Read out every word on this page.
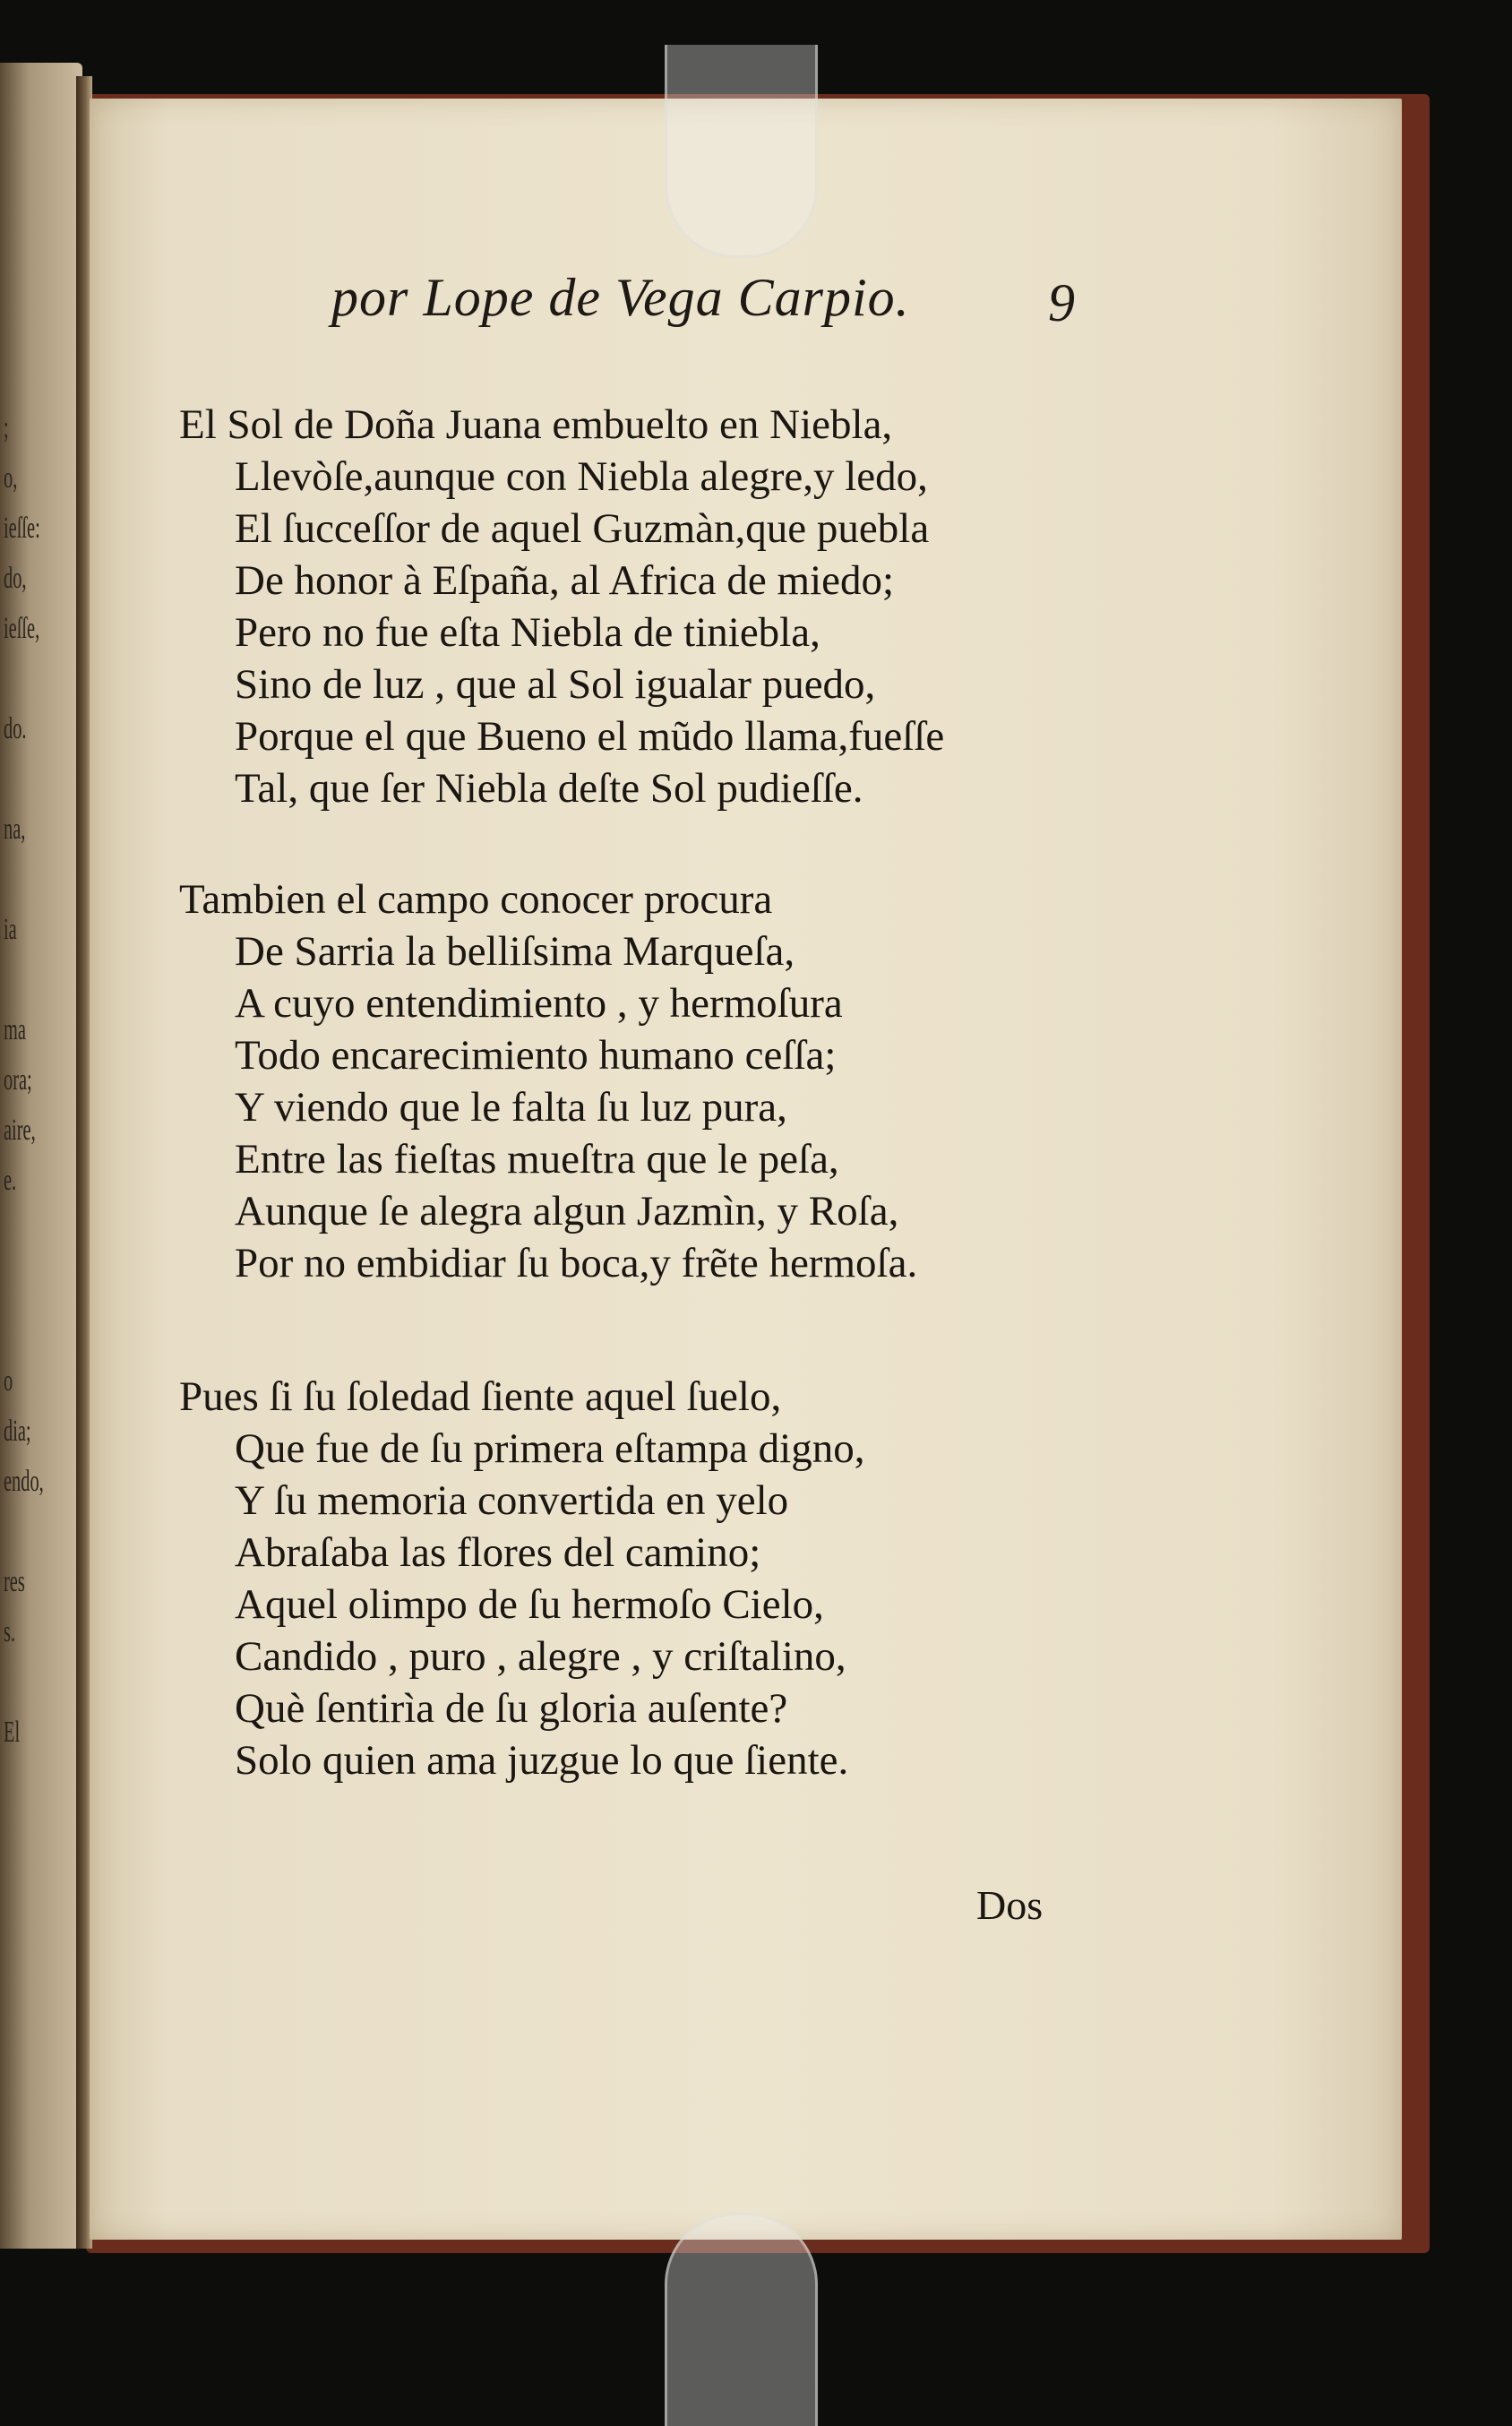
;
o,
ieſſe:
do,
ieſſe,
do.
na,
ia
ma
ora;
aire,
e.
o
dia;
endo,
res
s.
El
por Lope de Vega Carpio.	9
El Sol de Doña Juana embuelto en Niebla,
Llevòſe,aunque con Niebla alegre,y ledo,
El ſucceſſor de aquel Guzmàn,que puebla
De honor à Eſpaña, al Africa de miedo;
Pero no fue eſta Niebla de tiniebla,
Sino de luz , que al Sol igualar puedo,
Porque el que Bueno el mũdo llama,fueſſe
Tal, que ſer Niebla deſte Sol pudieſſe.
Tambien el campo conocer procura
De Sarria la belliſsima Marqueſa,
A cuyo entendimiento , y hermoſura
Todo encarecimiento humano ceſſa;
Y viendo que le falta ſu luz pura,
Entre las fieſtas mueſtra que le peſa,
Aunque ſe alegra algun Jazmìn, y Roſa,
Por no embidiar ſu boca,y frẽte hermoſa.
Pues ſi ſu ſoledad ſiente aquel ſuelo,
Que fue de ſu primera eſtampa digno,
Y ſu memoria convertida en yelo
Abraſaba las flores del camino;
Aquel olimpo de ſu hermoſo Cielo,
Candido , puro , alegre , y criſtalino,
Què ſentirìa de ſu gloria auſente?
Solo quien ama juzgue lo que ſiente.
Dos
